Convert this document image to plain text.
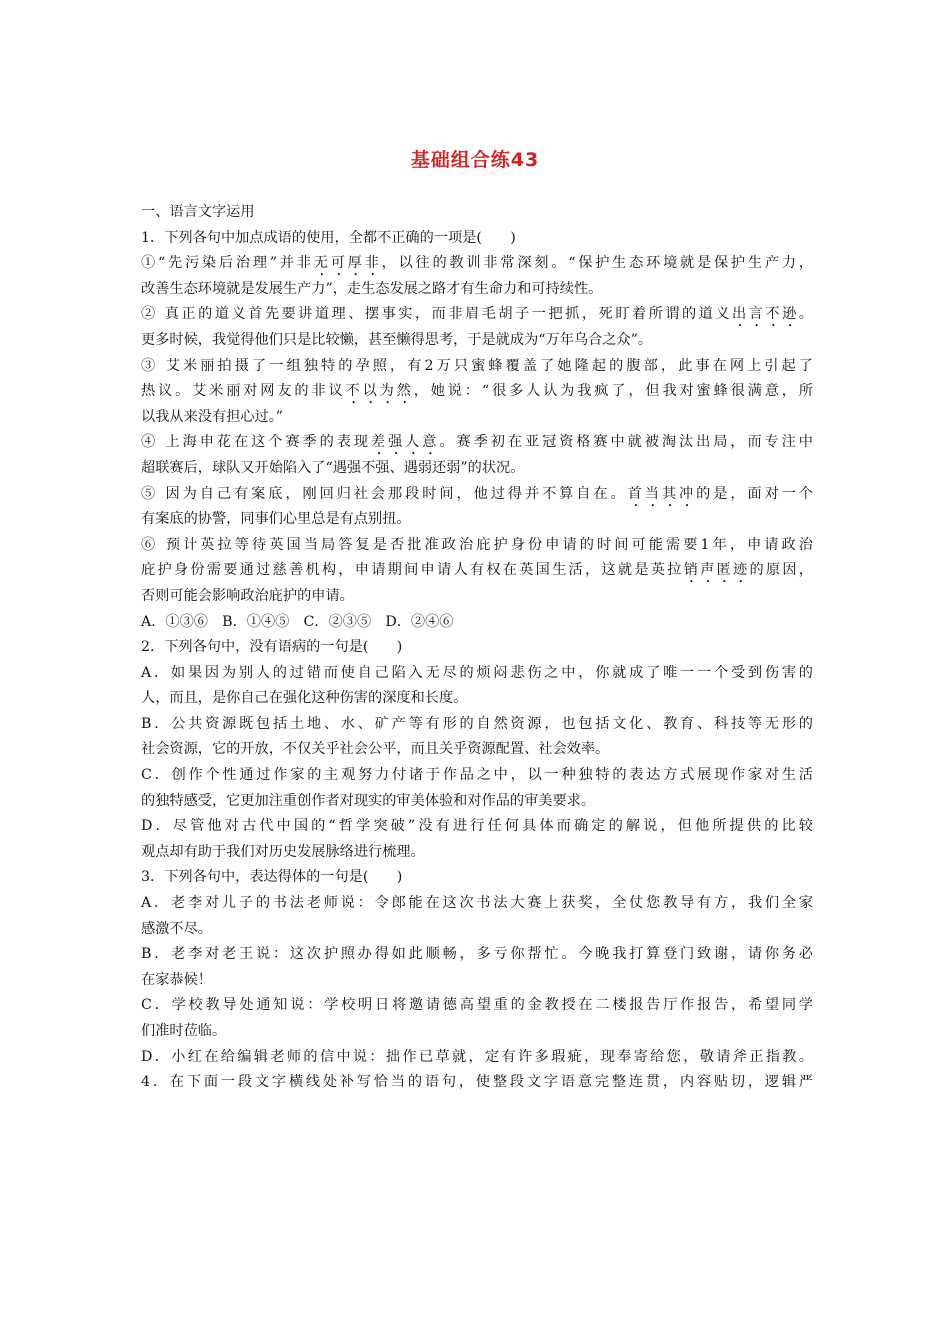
基础组合练43
一、语言文字运用
1．下列各句中加点成语的使用，全都不正确的一项是(　　)
①“先污染后治理”并非无可厚非，以往的教训非常深刻。“保护生态环境就是保护生产力，
改善生态环境就是发展生产力”，走生态发展之路才有生命力和可持续性。
② 真正的道义首先要讲道理、摆事实，而非眉毛胡子一把抓，死盯着所谓的道义出言不逊。
更多时候，我觉得他们只是比较懒，甚至懒得思考，于是就成为“万年乌合之众”。
③ 艾米丽拍摄了一组独特的孕照，有2万只蜜蜂覆盖了她隆起的腹部，此事在网上引起了
热议。艾米丽对网友的非议不以为然，她说：“很多人认为我疯了，但我对蜜蜂很满意，所
以我从来没有担心过。”
④ 上海申花在这个赛季的表现差强人意。赛季初在亚冠资格赛中就被淘汰出局，而专注中
超联赛后，球队又开始陷入了“遇强不强、遇弱还弱”的状况。
⑤ 因为自己有案底，刚回归社会那段时间，他过得并不算自在。首当其冲的是，面对一个
有案底的协警，同事们心里总是有点别扭。
⑥ 预计英拉等待英国当局答复是否批准政治庇护身份申请的时间可能需要1年，申请政治
庇护身份需要通过慈善机构，申请期间申请人有权在英国生活，这就是英拉销声匿迹的原因，
否则可能会影响政治庇护的申请。
A．①③⑥　B．①④⑤　C．②③⑤　D．②④⑥
2．下列各句中，没有语病的一句是(　　)
A．如果因为别人的过错而使自己陷入无尽的烦闷悲伤之中，你就成了唯一一个受到伤害的
人，而且，是你自己在强化这种伤害的深度和长度。
B．公共资源既包括土地、水、矿产等有形的自然资源，也包括文化、教育、科技等无形的
社会资源，它的开放，不仅关乎社会公平，而且关乎资源配置、社会效率。
C．创作个性通过作家的主观努力付诸于作品之中，以一种独特的表达方式展现作家对生活
的独特感受，它更加注重创作者对现实的审美体验和对作品的审美要求。
D．尽管他对古代中国的“哲学突破”没有进行任何具体而确定的解说，但他所提供的比较
观点却有助于我们对历史发展脉络进行梳理。
3．下列各句中，表达得体的一句是(　　)
A．老李对儿子的书法老师说：令郎能在这次书法大赛上获奖，全仗您教导有方，我们全家
感激不尽。
B．老李对老王说：这次护照办得如此顺畅，多亏你帮忙。今晚我打算登门致谢，请你务必
在家恭候！
C．学校教导处通知说：学校明日将邀请德高望重的金教授在二楼报告厅作报告，希望同学
们准时莅临。
D．小红在给编辑老师的信中说：拙作已草就，定有许多瑕疵，现奉寄给您，敬请斧正指教。
4．在下面一段文字横线处补写恰当的语句，使整段文字语意完整连贯，内容贴切，逻辑严
